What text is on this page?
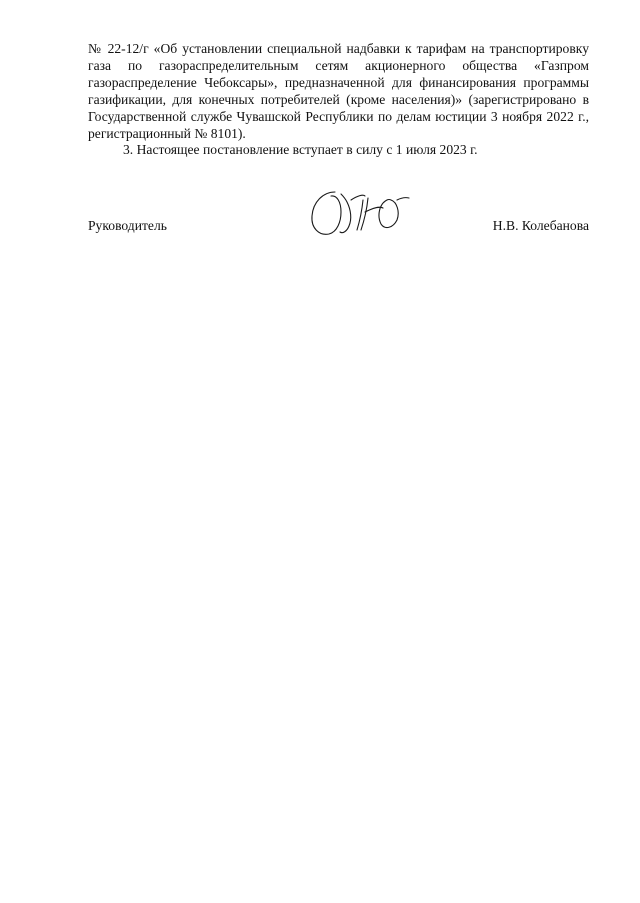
№ 22-12/г «Об установлении специальной надбавки к тарифам на транспортировку газа по газораспределительным сетям акционерного общества «Газпром газораспределение Чебоксары», предназначенной для финансирования программы газификации, для конечных потребителей (кроме населения)» (зарегистрировано в Государственной службе Чувашской Республики по делам юстиции 3 ноября 2022 г., регистрационный № 8101).

3. Настоящее постановление вступает в силу с 1 июля 2023 г.

Руководитель	Н.В. Колебанова
